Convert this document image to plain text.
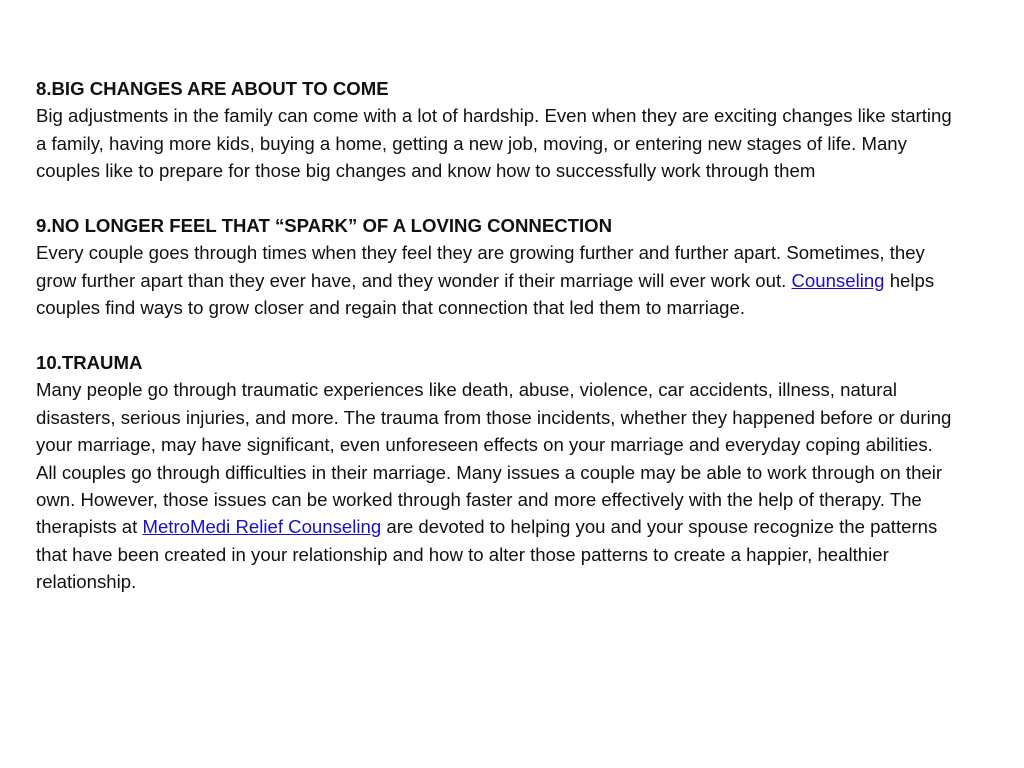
8.BIG CHANGES ARE ABOUT TO COME

Big adjustments in the family can come with a lot of hardship. Even when they are exciting changes like starting a family, having more kids, buying a home, getting a new job, moving, or entering new stages of life. Many couples like to prepare for those big changes and know how to successfully work through them

9.NO LONGER FEEL THAT “SPARK” OF A LOVING CONNECTION

Every couple goes through times when they feel they are growing further and further apart. Sometimes, they grow further apart than they ever have, and they wonder if their marriage will ever work out. Counseling helps couples find ways to grow closer and regain that connection that led them to marriage.

10.TRAUMA

Many people go through traumatic experiences like death, abuse, violence, car accidents, illness, natural disasters, serious injuries, and more. The trauma from those incidents, whether they happened before or during your marriage, may have significant, even unforeseen effects on your marriage and everyday coping abilities.

All couples go through difficulties in their marriage. Many issues a couple may be able to work through on their own. However, those issues can be worked through faster and more effectively with the help of therapy. The therapists at MetroMedi Relief Counseling are devoted to helping you and your spouse recognize the patterns that have been created in your relationship and how to alter those patterns to create a happier, healthier relationship.
